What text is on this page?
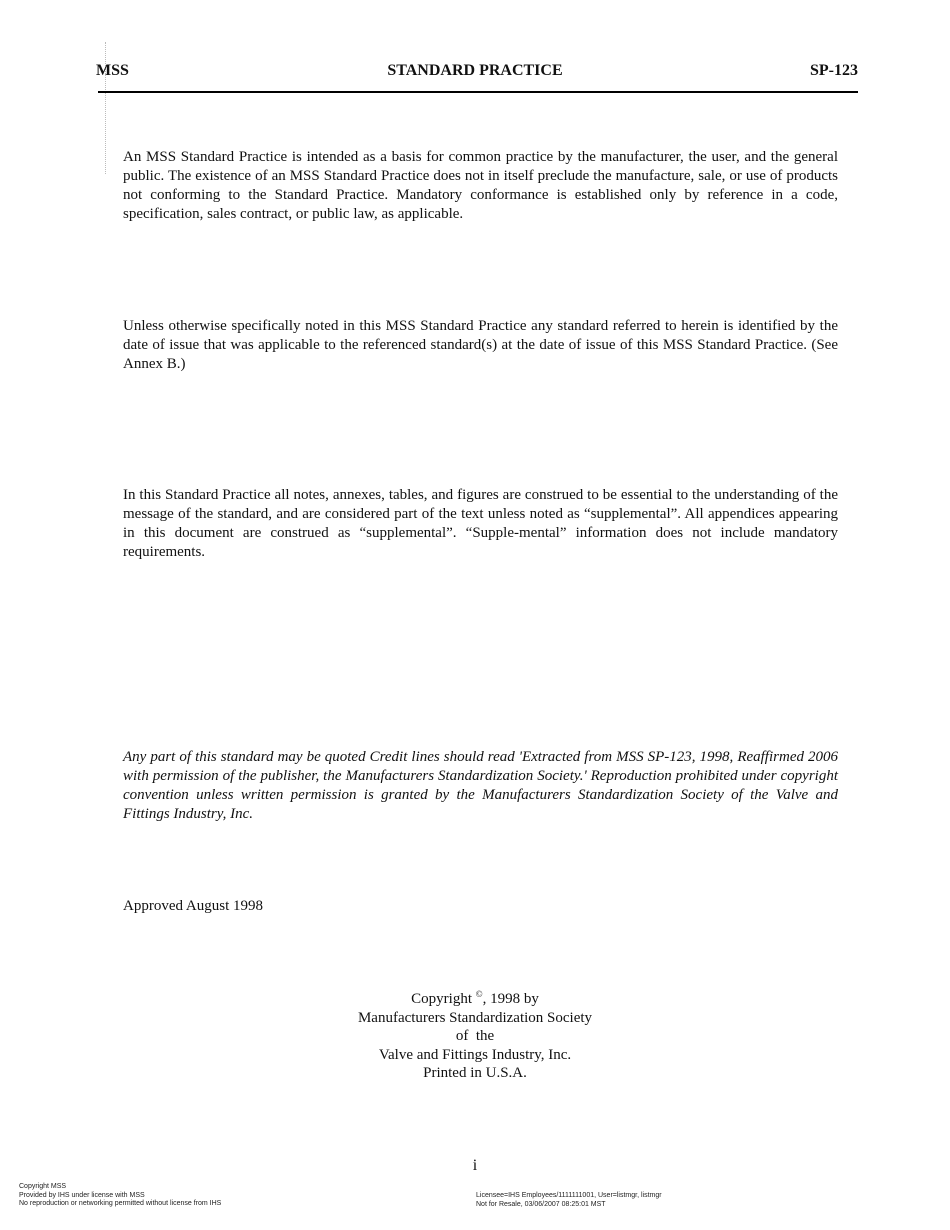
MSS	STANDARD PRACTICE	SP-123

An MSS Standard Practice is intended as a basis for common practice by the manufacturer, the user, and the general public. The existence of an MSS Standard Practice does not in itself preclude the manufacture, sale, or use of products not conforming to the Standard Practice. Mandatory conformance is established only by reference in a code, specification, sales contract, or public law, as applicable.

Unless otherwise specifically noted in this MSS Standard Practice any standard referred to herein is identified by the date of issue that was applicable to the referenced standard(s) at the date of issue of this MSS Standard Practice. (See Annex B.)

In this Standard Practice all notes, annexes, tables, and figures are construed to be essential to the understanding of the message of the standard, and are considered part of the text unless noted as “supplemental”. All appendices appearing in this document are construed as “supplemental”. “Supple-mental” information does not include mandatory requirements.

Any part of this standard may be quoted Credit lines should read 'Extracted from MSS SP-123, 1998, Reaffirmed 2006 with permission of the publisher, the Manufacturers Standardization Society.' Reproduction prohibited under copyright convention unless written permission is granted by the Manufacturers Standardization Society of the Valve and Fittings Industry, Inc.

Approved August 1998
Copyright ©, 1998 by
Manufacturers Standardization Society
of  the
Valve and Fittings Industry, Inc.
Printed in U.S.A.
i
Copyright MSS
Provided by IHS under license with MSS
No reproduction or networking permitted without license from IHS
Licensee=IHS Employees/1111111001, User=listmgr, listmgr
Not for Resale, 03/06/2007 08:25:01 MST
